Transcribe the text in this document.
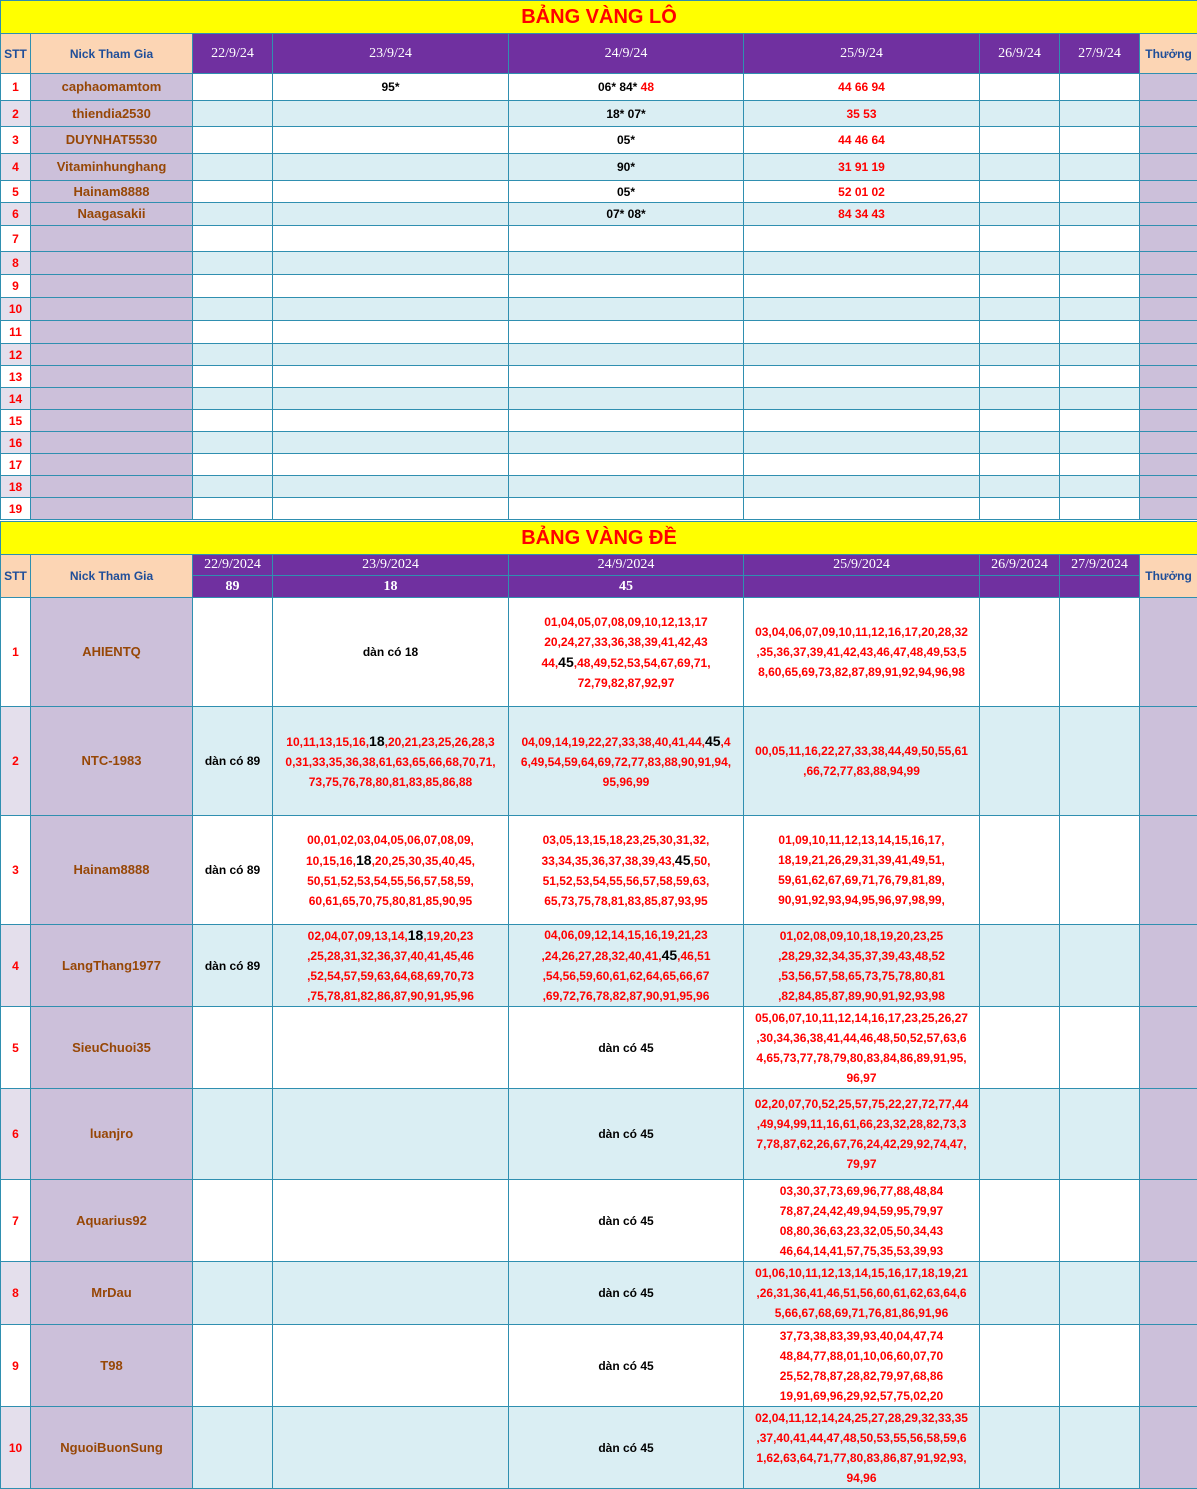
BẢNG VÀNG LÔ								
STT	Nick Tham Gia	22/9/24	23/9/24	24/9/24	25/9/24	26/9/24	27/9/24	Thưởng
1	caphaomamtom		95*	06* 84* 48	44 66 94			
2	thiendia2530			18* 07*	35 53			
3	DUYNHAT5530			05*	44 46 64			
4	Vitaminhunghang			90*	31 91 19			
5	Hainam8888			05*	52 01 02			
6	Naagasakii			07* 08*	84 34 43			
7								
8								
9								
10								
11								
12								
13								
14								
15								
16								
17								
18								
19								
BẢNG VÀNG ĐỀ								
STT	Nick Tham Gia	22/9/2024	23/9/2024	24/9/2024	25/9/2024	26/9/2024	27/9/2024	Thưởng
		89	18	45				
1	AHIENTQ		dàn có 18	01,04,05,07,08,09,10,12,13,17 20,24,27,33,36,38,39,41,42,43 44,45,48,49,52,53,54,67,69,71, 72,79,82,87,92,97	03,04,06,07,09,10,11,12,16,17,20,28,32 ,35,36,37,39,41,42,43,46,47,48,49,53,5 8,60,65,69,73,82,87,89,91,92,94,96,98			
2	NTC-1983	dàn có 89	10,11,13,15,16,18,20,21,23,25,26,28,3 0,31,33,35,36,38,61,63,65,66,68,70,71, 73,75,76,78,80,81,83,85,86,88	04,09,14,19,22,27,33,38,40,41,44,45,4 6,49,54,59,64,69,72,77,83,88,90,91,94, 95,96,99	00,05,11,16,22,27,33,38,44,49,50,55,61 ,66,72,77,83,88,94,99			
3	Hainam8888	dàn có 89	00,01,02,03,04,05,06,07,08,09, 10,15,16,18,20,25,30,35,40,45, 50,51,52,53,54,55,56,57,58,59, 60,61,65,70,75,80,81,85,90,95	03,05,13,15,18,23,25,30,31,32, 33,34,35,36,37,38,39,43,45,50, 51,52,53,54,55,56,57,58,59,63, 65,73,75,78,81,83,85,87,93,95	01,09,10,11,12,13,14,15,16,17, 18,19,21,26,29,31,39,41,49,51, 59,61,62,67,69,71,76,79,81,89, 90,91,92,93,94,95,96,97,98,99,			
4	LangThang1977	dàn có 89	02,04,07,09,13,14,18,19,20,23 ,25,28,31,32,36,37,40,41,45,46 ,52,54,57,59,63,64,68,69,70,73 ,75,78,81,82,86,87,90,91,95,96	04,06,09,12,14,15,16,19,21,23 ,24,26,27,28,32,40,41,45,46,51 ,54,56,59,60,61,62,64,65,66,67 ,69,72,76,78,82,87,90,91,95,96	01,02,08,09,10,18,19,20,23,25 ,28,29,32,34,35,37,39,43,48,52 ,53,56,57,58,65,73,75,78,80,81 ,82,84,85,87,89,90,91,92,93,98			
5	SieuChuoi35			dàn có 45	05,06,07,10,11,12,14,16,17,23,25,26,27 ,30,34,36,38,41,44,46,48,50,52,57,63,6 4,65,73,77,78,79,80,83,84,86,89,91,95, 96,97			
6	luanjro			dàn có 45	02,20,07,70,52,25,57,75,22,27,72,77,44 ,49,94,99,11,16,61,66,23,32,28,82,73,3 7,78,87,62,26,67,76,24,42,29,92,74,47, 79,97			
7	Aquarius92			dàn có 45	03,30,37,73,69,96,77,88,48,84 78,87,24,42,49,94,59,95,79,97 08,80,36,63,23,32,05,50,34,43 46,64,14,41,57,75,35,53,39,93			
8	MrDau			dàn có 45	01,06,10,11,12,13,14,15,16,17,18,19,21 ,26,31,36,41,46,51,56,60,61,62,63,64,6 5,66,67,68,69,71,76,81,86,91,96			
9	T98			dàn có 45	37,73,38,83,39,93,40,04,47,74 48,84,77,88,01,10,06,60,07,70 25,52,78,87,28,82,79,97,68,86 19,91,69,96,29,92,57,75,02,20			
10	NguoiBuonSung			dàn có 45	02,04,11,12,14,24,25,27,28,29,32,33,35 ,37,40,41,44,47,48,50,53,55,56,58,59,6 1,62,63,64,71,77,80,83,86,87,91,92,93, 94,96			
